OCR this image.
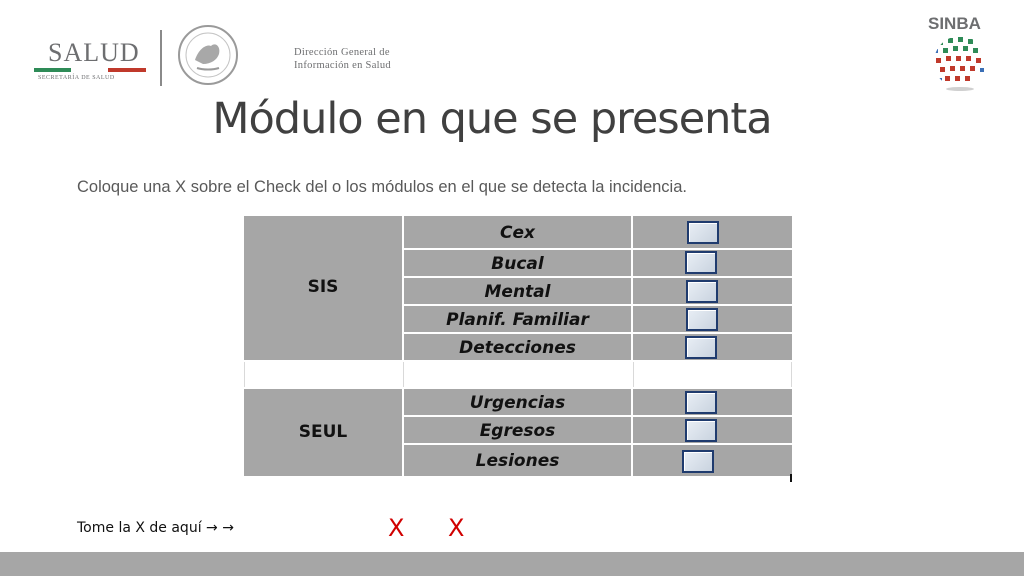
SALUD
SECRETARÍA DE SALUD
Dirección General de
Información en Salud
SINBA
Módulo en que se presenta
Coloque una X sobre el Check del o los módulos en el que se detecta la incidencia.
SIS
Cex
Bucal
Mental
Planif. Familiar
Detecciones
SEUL
Urgencias
Egresos
Lesiones
Tome la X de aquí → →	X X
